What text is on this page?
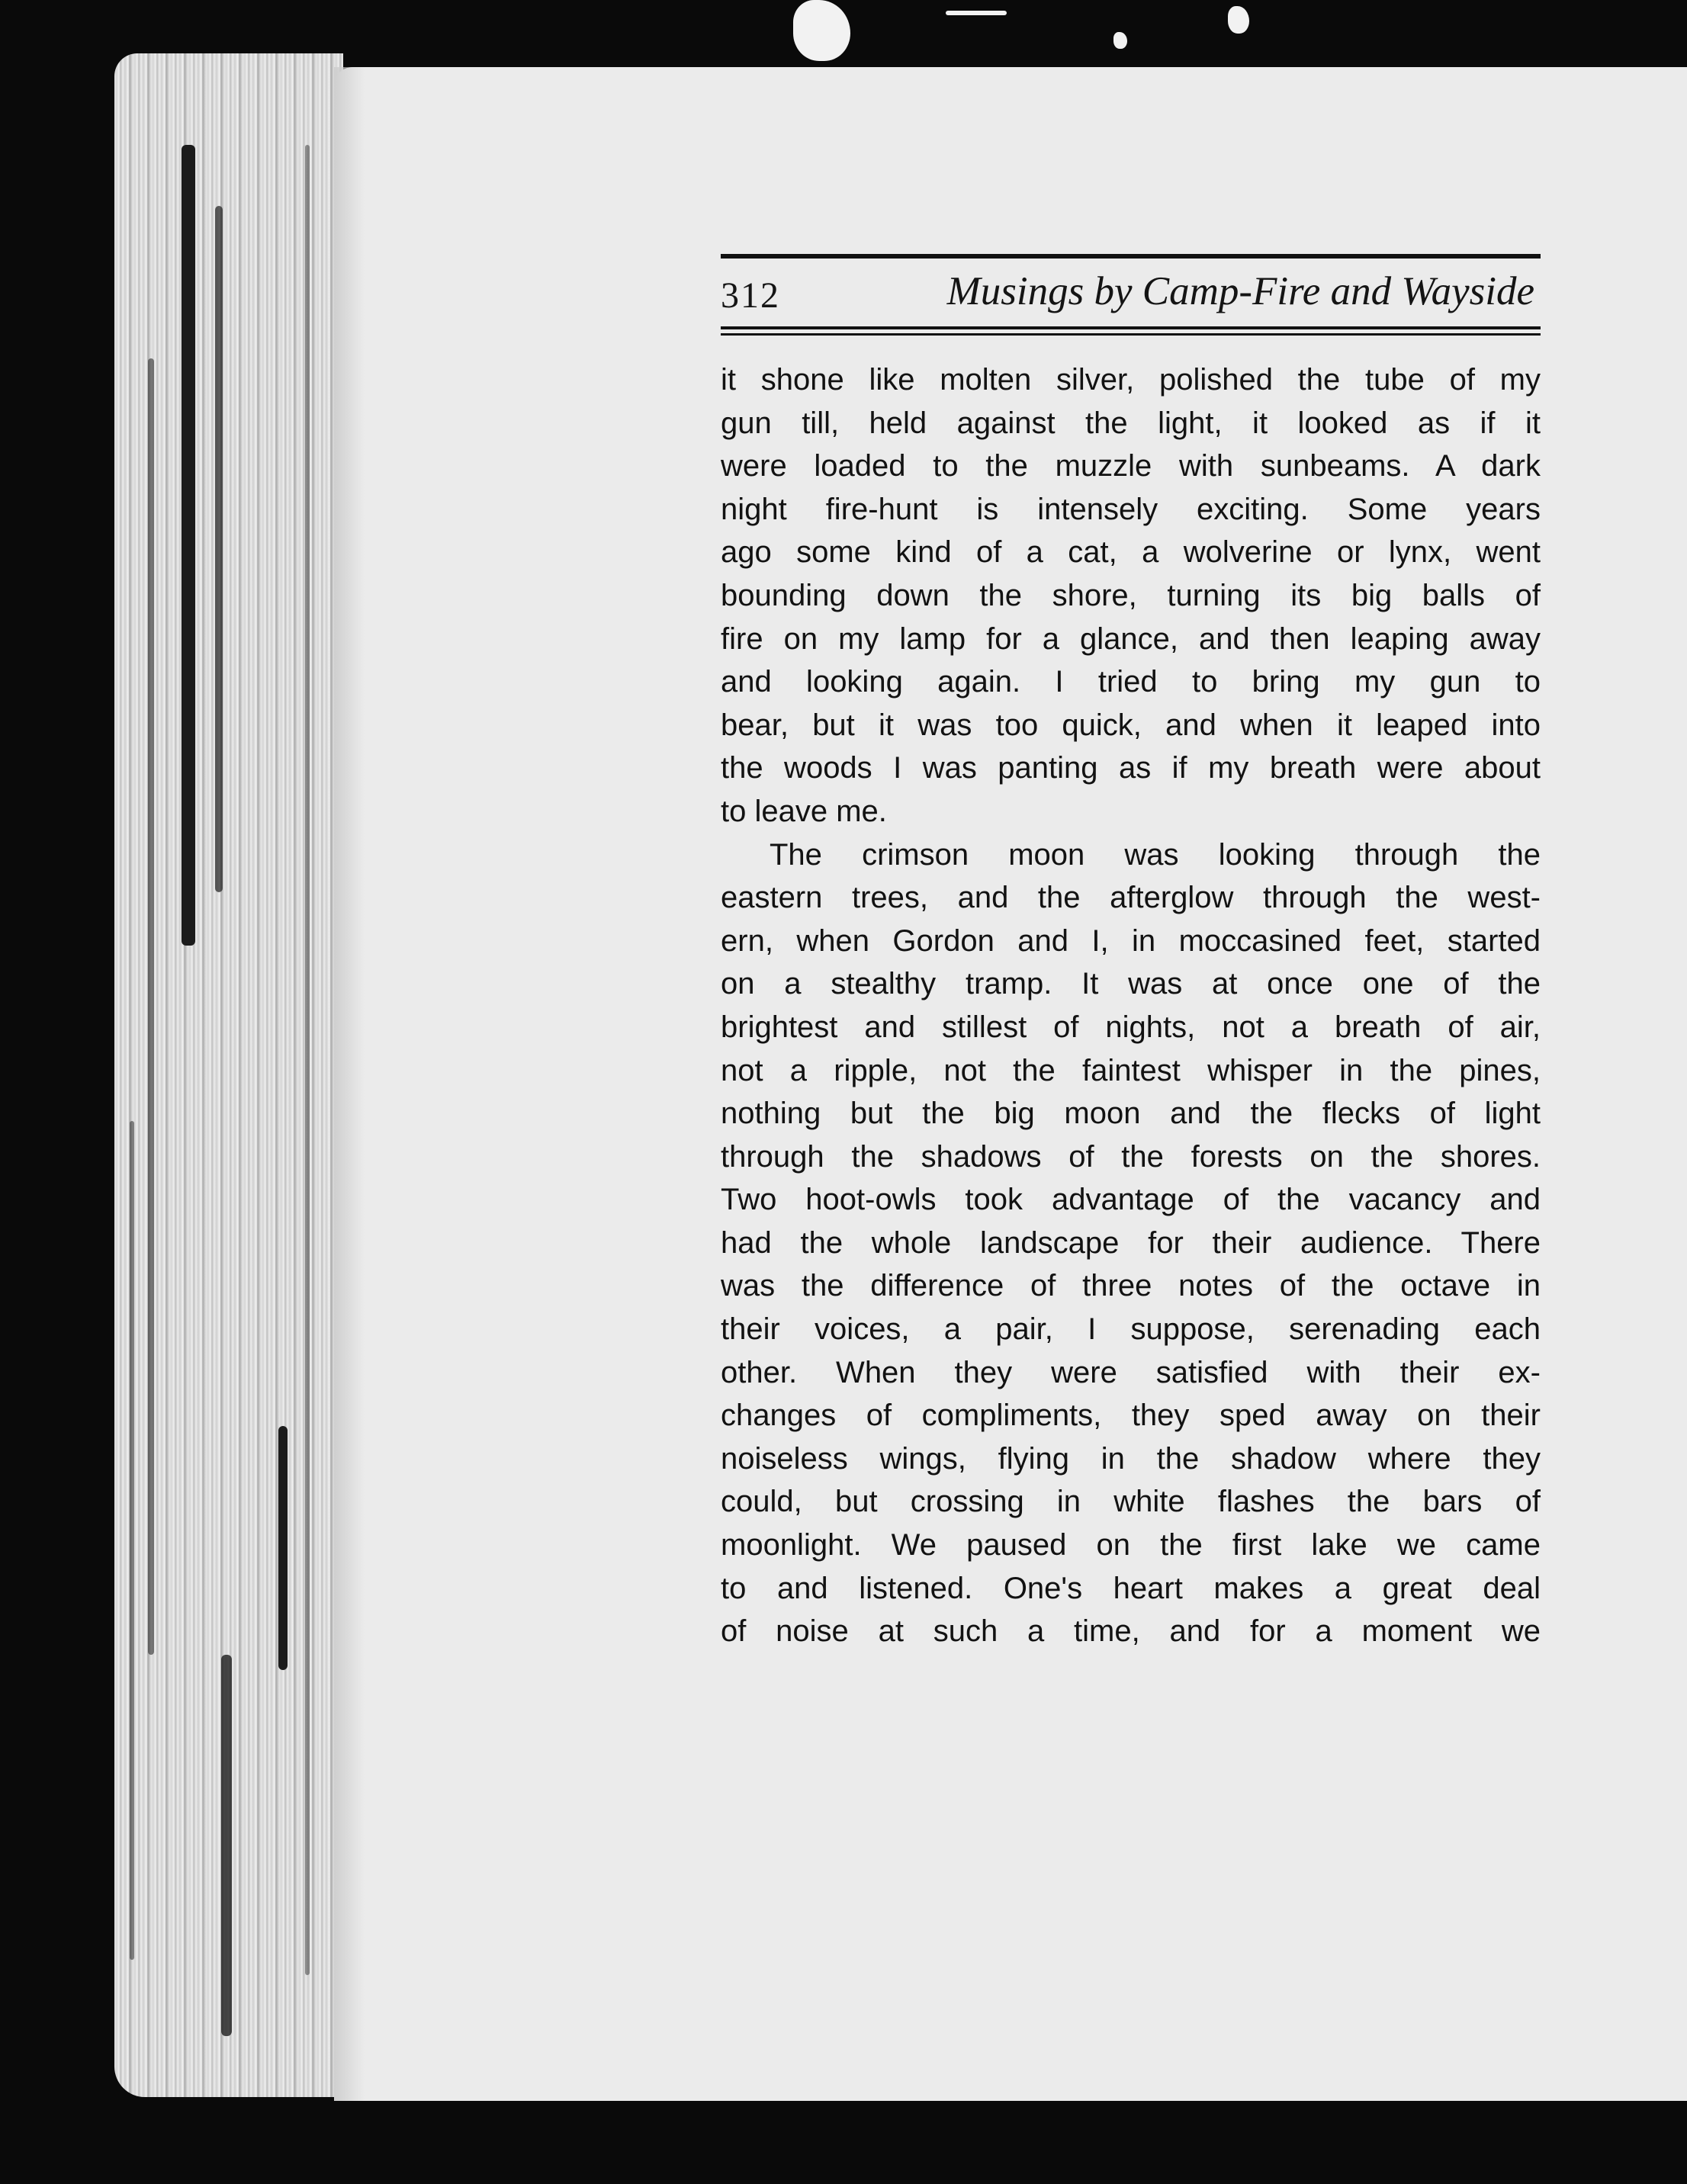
312	Musings by Camp-Fire and Wayside
it shone like molten silver, polished the tube of my
gun till, held against the light, it looked as if it
were loaded to the muzzle with sunbeams. A dark
night fire-hunt is intensely exciting. Some years
ago some kind of a cat, a wolverine or lynx, went
bounding down the shore, turning its big balls of
fire on my lamp for a glance, and then leaping away
and looking again. I tried to bring my gun to
bear, but it was too quick, and when it leaped into
the woods I was panting as if my breath were about
to leave me.
The crimson moon was looking through the
eastern trees, and the afterglow through the west-
ern, when Gordon and I, in moccasined feet, started
on a stealthy tramp. It was at once one of the
brightest and stillest of nights, not a breath of air,
not a ripple, not the faintest whisper in the pines,
nothing but the big moon and the flecks of light
through the shadows of the forests on the shores.
Two hoot-owls took advantage of the vacancy and
had the whole landscape for their audience. There
was the difference of three notes of the octave in
their voices, a pair, I suppose, serenading each
other. When they were satisfied with their ex-
changes of compliments, they sped away on their
noiseless wings, flying in the shadow where they
could, but crossing in white flashes the bars of
moonlight. We paused on the first lake we came
to and listened. One's heart makes a great deal
of noise at such a time, and for a moment we
